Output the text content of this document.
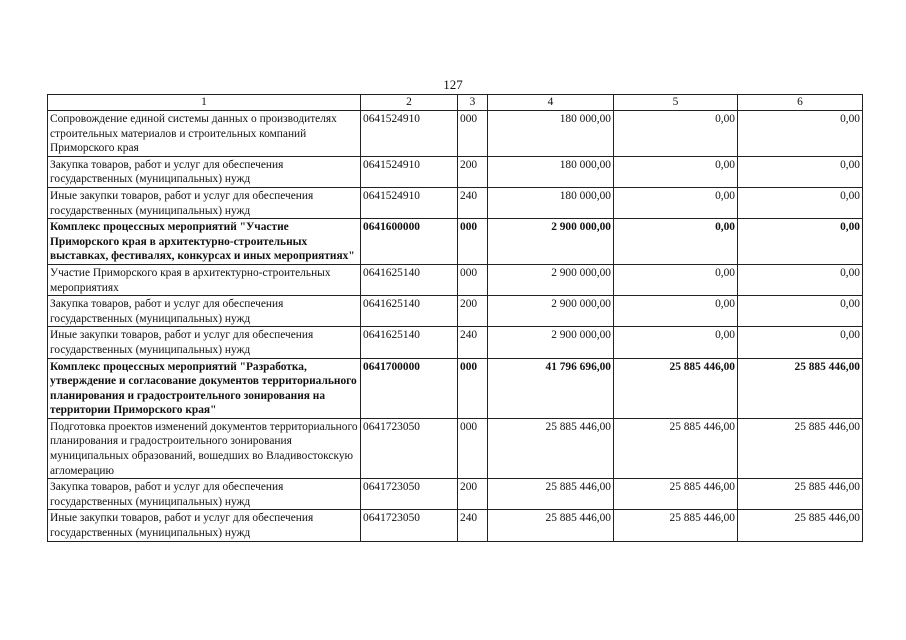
127
1	2	3	4	5	6
Сопровождение единой системы данных о производителях строительных материалов и строительных компаний Приморского края	0641524910	000	180 000,00	0,00	0,00
Закупка товаров, работ и услуг для обеспечения государственных (муниципальных) нужд	0641524910	200	180 000,00	0,00	0,00
Иные закупки товаров, работ и услуг для обеспечения государственных (муниципальных) нужд	0641524910	240	180 000,00	0,00	0,00
Комплекс процессных мероприятий "Участие Приморского края в архитектурно-строительных выставках, фестивалях, конкурсах и иных мероприятиях"	0641600000	000	2 900 000,00	0,00	0,00
Участие Приморского края в архитектурно-строительных мероприятиях	0641625140	000	2 900 000,00	0,00	0,00
Закупка товаров, работ и услуг для обеспечения государственных (муниципальных) нужд	0641625140	200	2 900 000,00	0,00	0,00
Иные закупки товаров, работ и услуг для обеспечения государственных (муниципальных) нужд	0641625140	240	2 900 000,00	0,00	0,00
Комплекс процессных мероприятий "Разработка, утверждение и согласование документов территориального планирования и градостроительного зонирования на территории Приморского края"	0641700000	000	41 796 696,00	25 885 446,00	25 885 446,00
Подготовка проектов изменений документов территориального планирования и градостроительного зонирования муниципальных образований, вошедших во Владивостокскую агломерацию	0641723050	000	25 885 446,00	25 885 446,00	25 885 446,00
Закупка товаров, работ и услуг для обеспечения государственных (муниципальных) нужд	0641723050	200	25 885 446,00	25 885 446,00	25 885 446,00
Иные закупки товаров, работ и услуг для обеспечения государственных (муниципальных) нужд	0641723050	240	25 885 446,00	25 885 446,00	25 885 446,00
